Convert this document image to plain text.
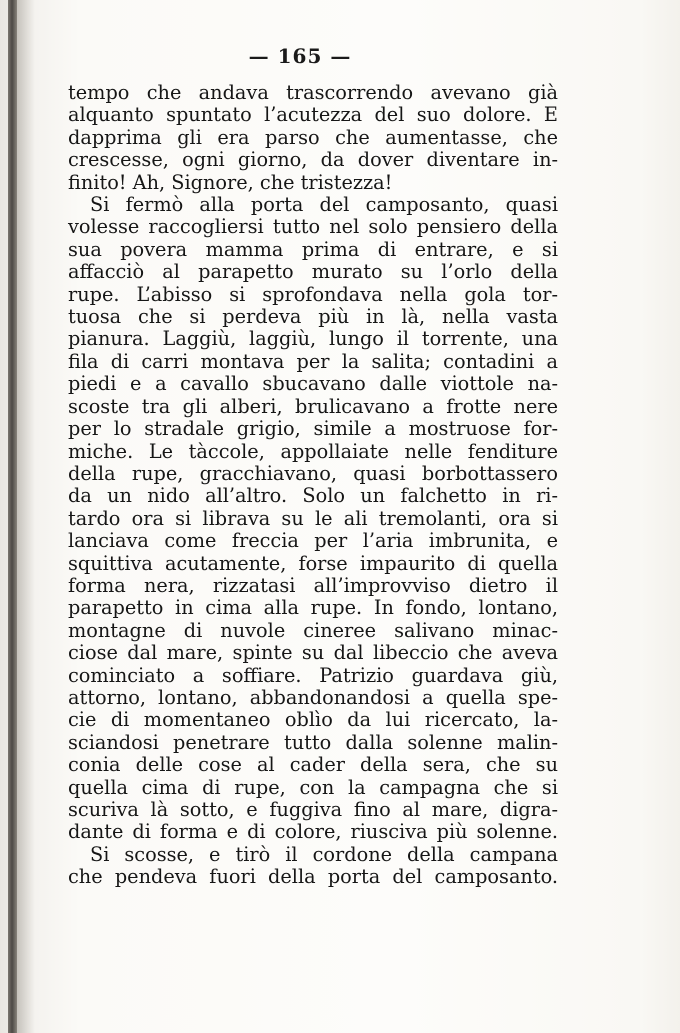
— 165 —
tempo che andava trascorrendo avevano già
alquanto spuntato l’acutezza del suo dolore. E
dapprima gli era parso che aumentasse, che
crescesse, ogni giorno, da dover diventare in-
finito! Ah, Signore, che tristezza!
Si fermò alla porta del camposanto, quasi
volesse raccogliersi tutto nel solo pensiero della
sua povera mamma prima di entrare, e si
affacciò al parapetto murato su l’orlo della
rupe. L’abisso si sprofondava nella gola tor-
tuosa che si perdeva più in là, nella vasta
pianura. Laggiù, laggiù, lungo il torrente, una
fila di carri montava per la salita; contadini a
piedi e a cavallo sbucavano dalle viottole na-
scoste tra gli alberi, brulicavano a frotte nere
per lo stradale grigio, simile a mostruose for-
miche. Le tàccole, appollaiate nelle fenditure
della rupe, gracchiavano, quasi borbottassero
da un nido all’altro. Solo un falchetto in ri-
tardo ora si librava su le ali tremolanti, ora si
lanciava come freccia per l’aria imbrunita, e
squittiva acutamente, forse impaurito di quella
forma nera, rizzatasi all’improvviso dietro il
parapetto in cima alla rupe. In fondo, lontano,
montagne di nuvole cineree salivano minac-
ciose dal mare, spinte su dal libeccio che aveva
cominciato a soffiare. Patrizio guardava giù,
attorno, lontano, abbandonandosi a quella spe-
cie di momentaneo oblìo da lui ricercato, la-
sciandosi penetrare tutto dalla solenne malin-
conia delle cose al cader della sera, che su
quella cima di rupe, con la campagna che si
scuriva là sotto, e fuggiva fino al mare, digra-
dante di forma e di colore, riusciva più solenne.
Si scosse, e tirò il cordone della campana
che pendeva fuori della porta del camposanto.
